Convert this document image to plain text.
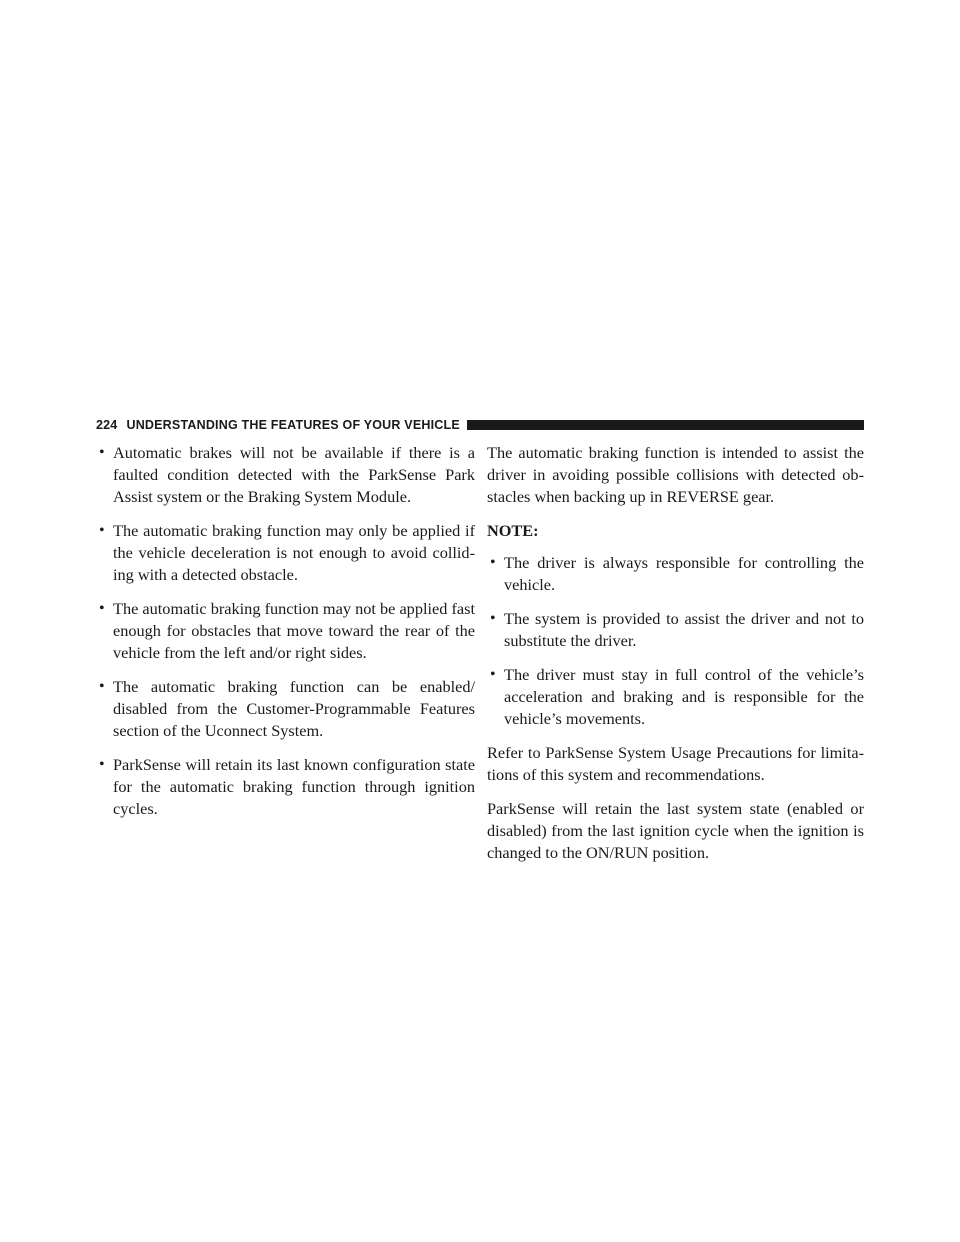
224 UNDERSTANDING THE FEATURES OF YOUR VEHICLE
• Automatic brakes will not be available if there is a faulted condition detected with the ParkSense Park Assist system or the Braking System Module.
• The automatic braking function may only be applied if the vehicle deceleration is not enough to avoid collid-ing with a detected obstacle.
• The automatic braking function may not be applied fast enough for obstacles that move toward the rear of the vehicle from the left and/or right sides.
• The automatic braking function can be enabled/ disabled from the Customer-Programmable Features section of the Uconnect System.
• ParkSense will retain its last known configuration state for the automatic braking function through ignition cycles.

The automatic braking function is intended to assist the driver in avoiding possible collisions with detected ob-stacles when backing up in REVERSE gear.

NOTE:

• The driver is always responsible for controlling the vehicle.
• The system is provided to assist the driver and not to substitute the driver.
• The driver must stay in full control of the vehicle’s acceleration and braking and is responsible for the vehicle’s movements.

Refer to ParkSense System Usage Precautions for limita-tions of this system and recommendations.

ParkSense will retain the last system state (enabled or disabled) from the last ignition cycle when the ignition is changed to the ON/RUN position.
